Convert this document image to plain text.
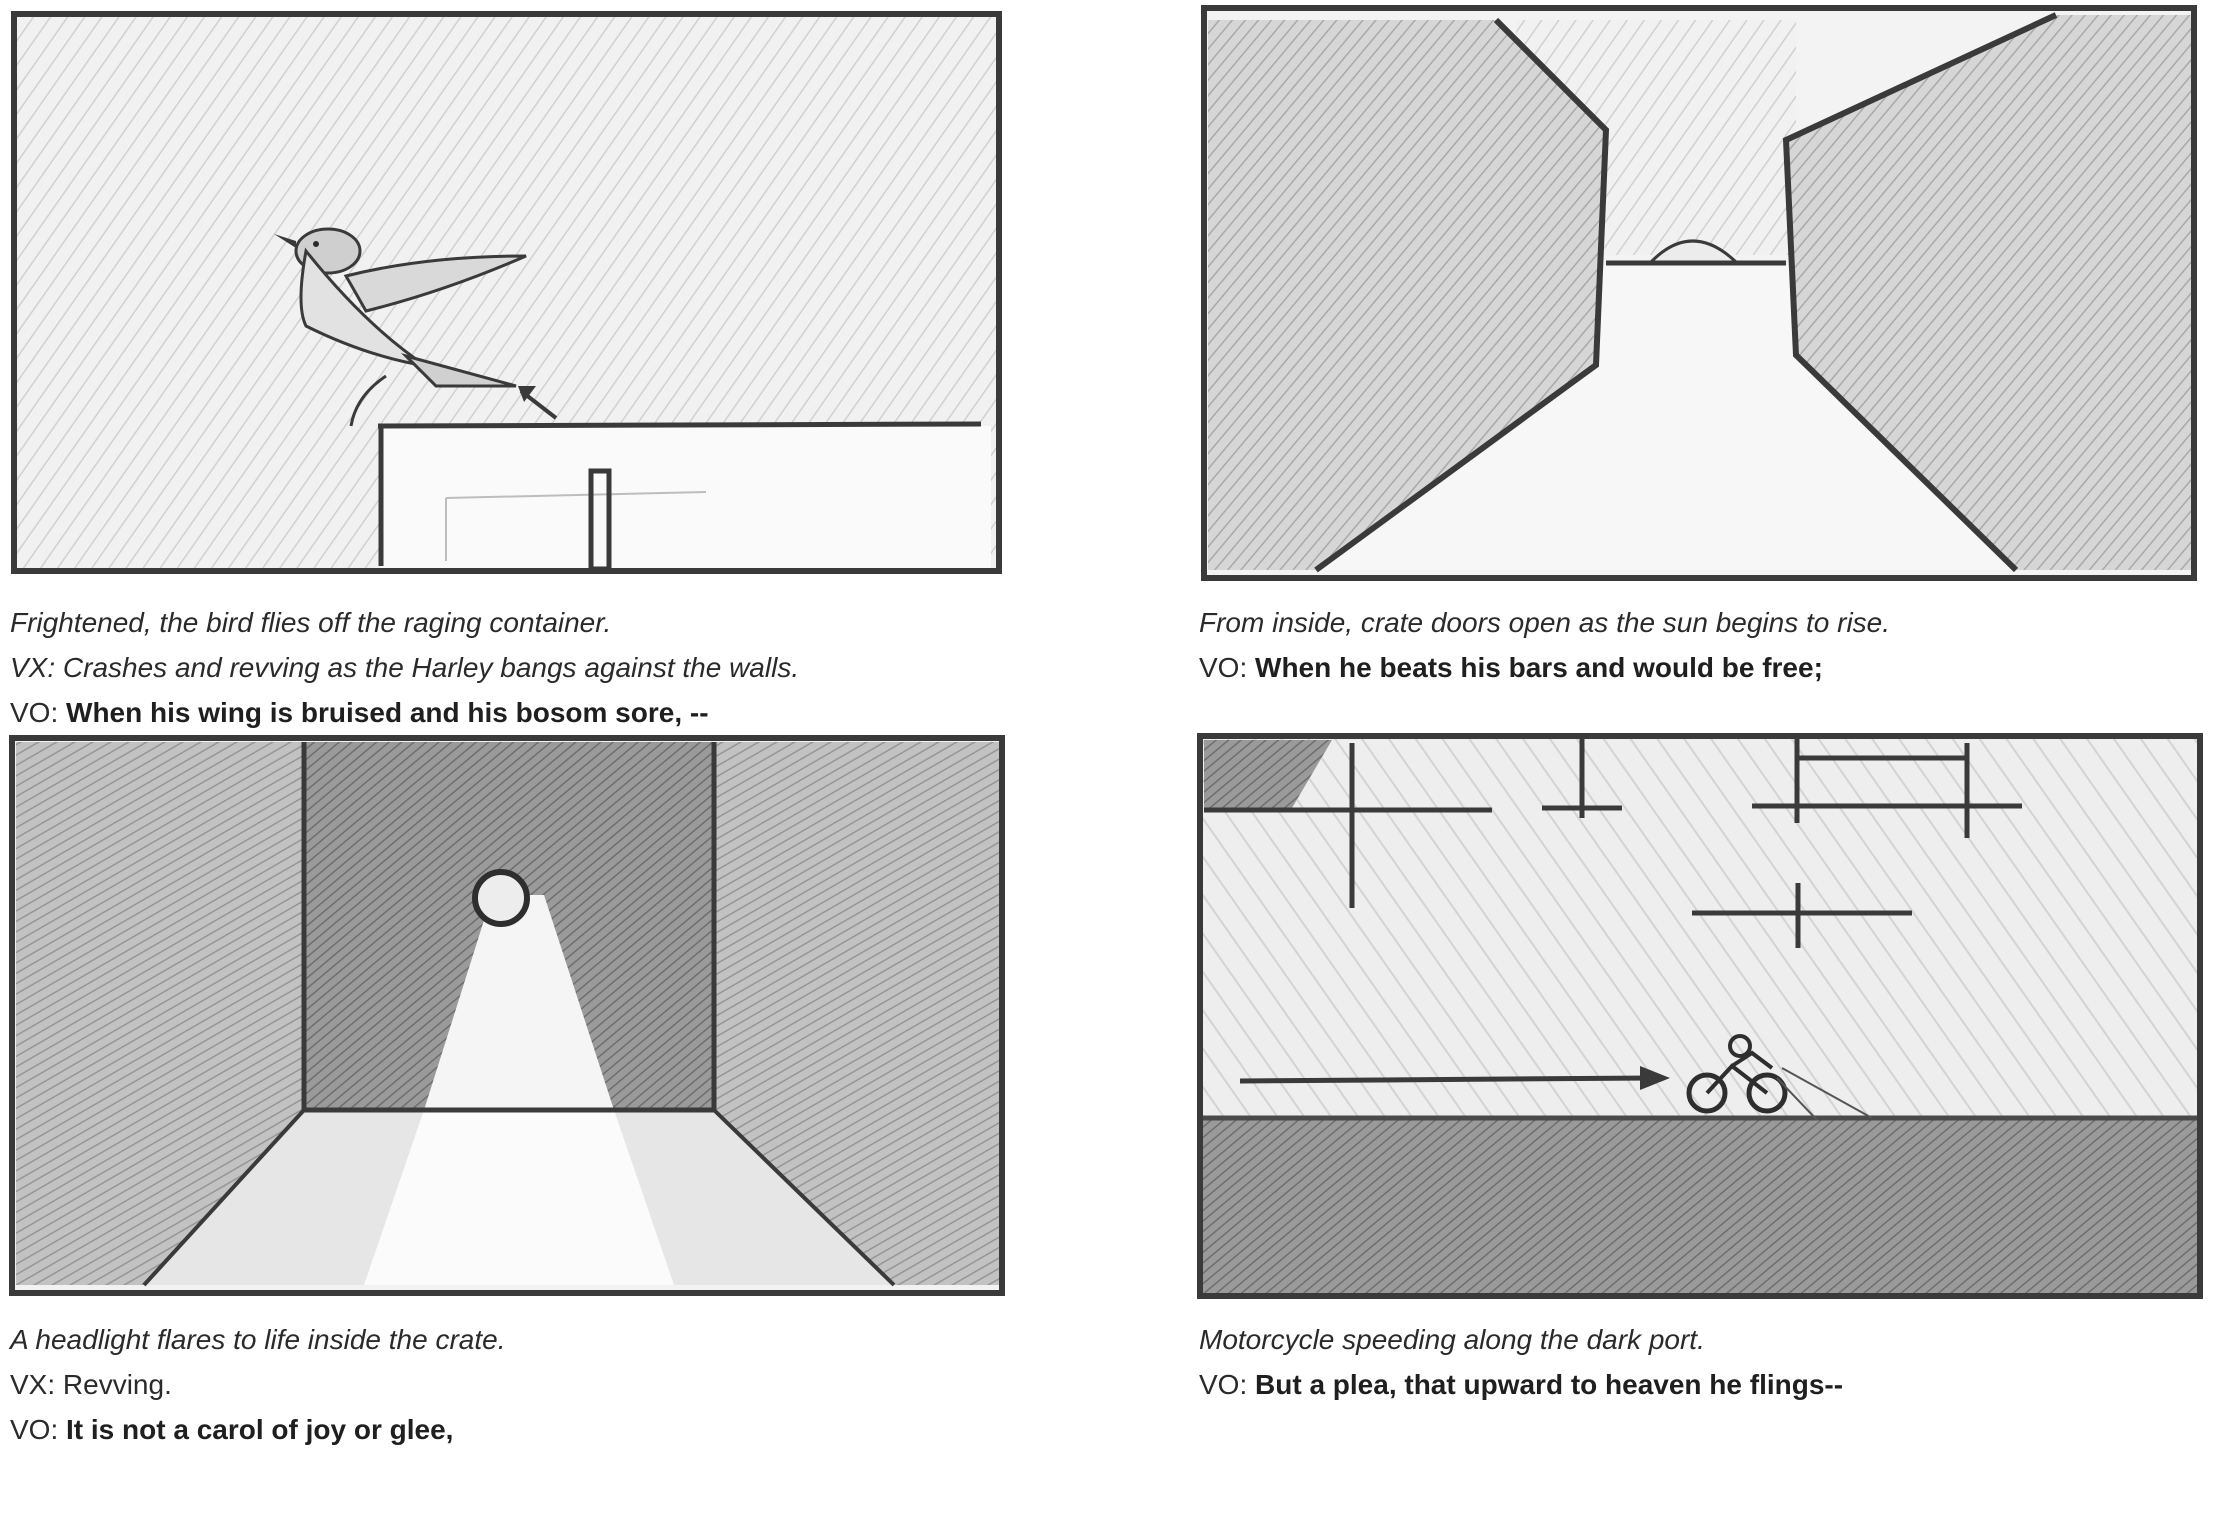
Frightened, the bird flies off the raging container.
VX: Crashes and revving as the Harley bangs against the walls.
VO: When his wing is bruised and his bosom sore, --
From inside, crate doors open as the sun begins to rise.
VO: When he beats his bars and would be free;
A headlight flares to life inside the crate.
VX: Revving.
VO: It is not a carol of joy or glee,
Motorcycle speeding along the dark port.
VO: But a plea, that upward to heaven he flings--
